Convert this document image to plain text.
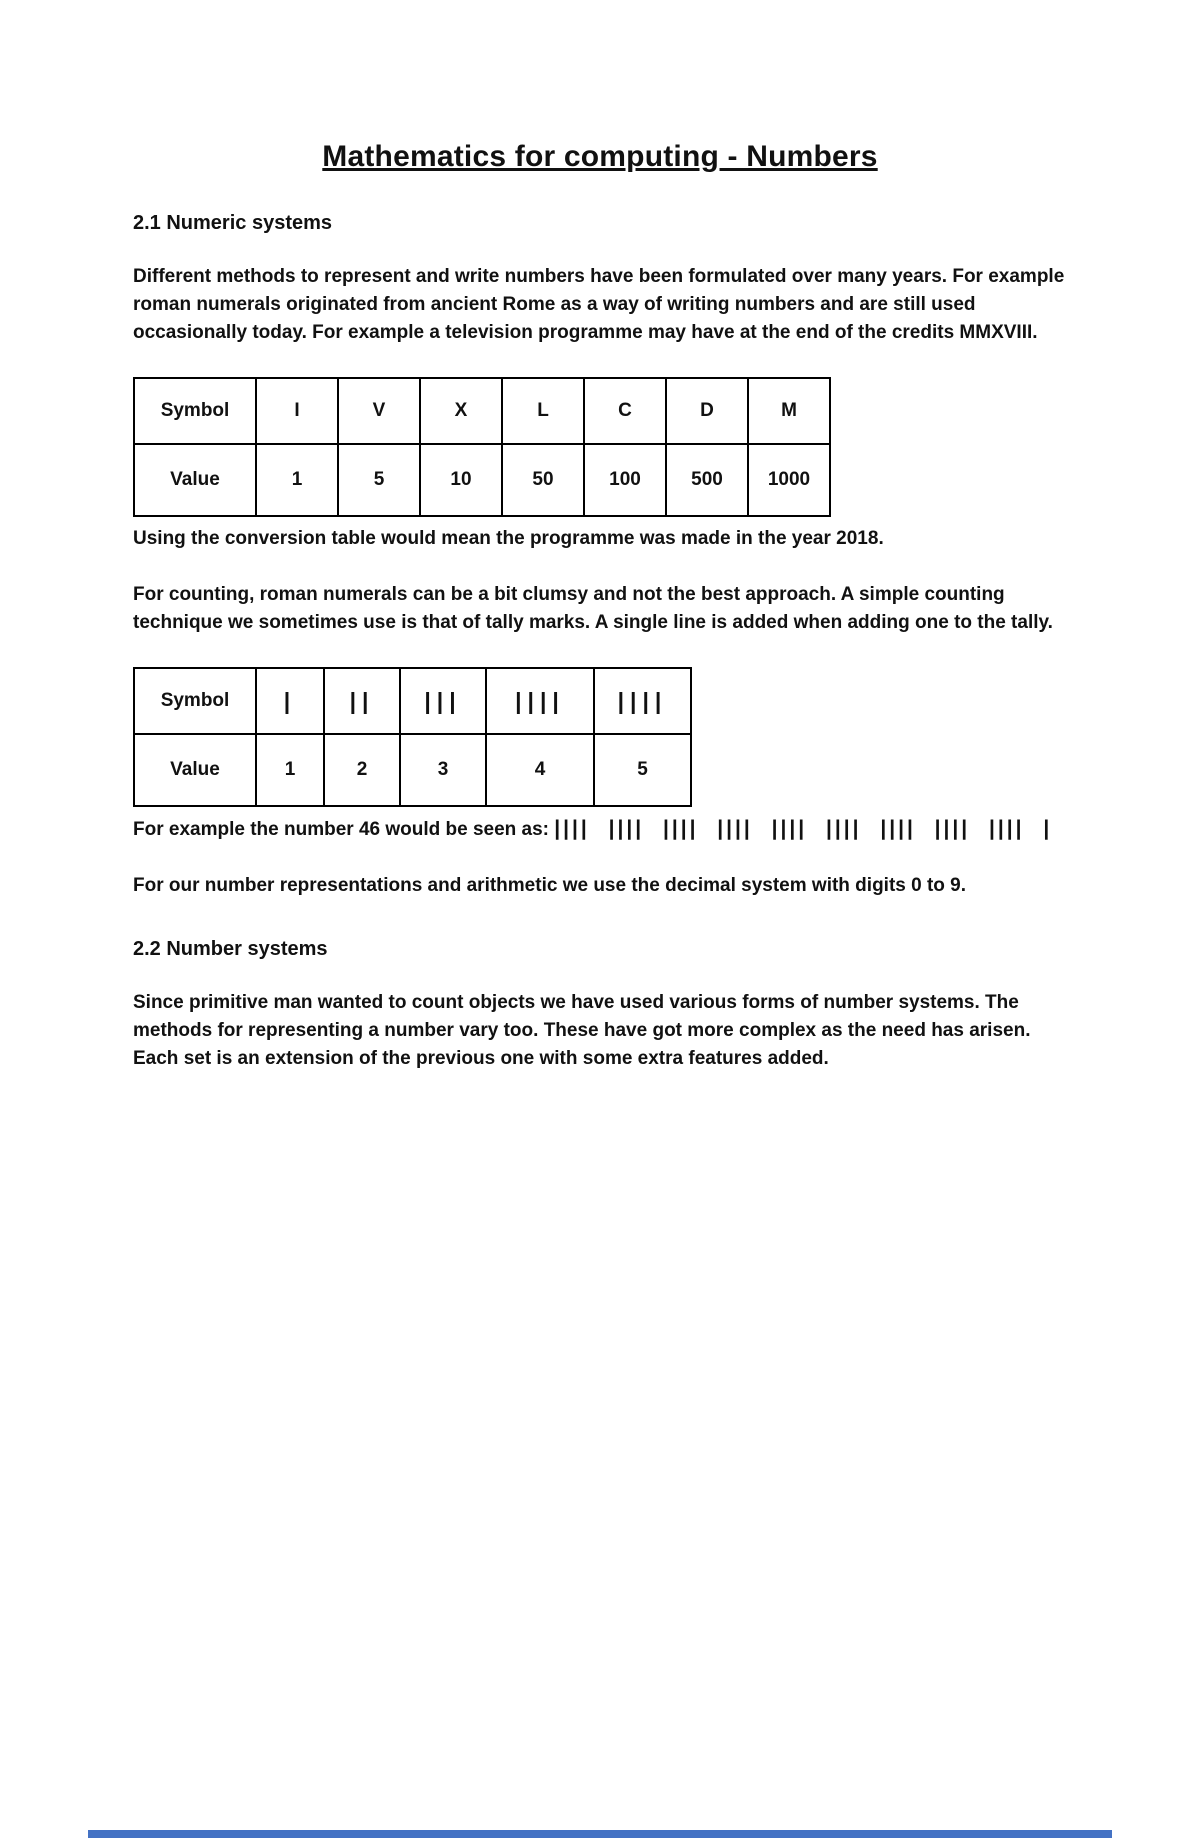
Mathematics for computing - Numbers
2.1 Numeric systems

Different methods to represent and write numbers have been formulated over many years. For example roman numerals originated from ancient Rome as a way of writing numbers and are still used occasionally today. For example a television programme may have at the end of the credits MMXVIII.

Symbol	I	V	X	L	C	D	M
Value	1	5	10	50	100	500	1000

Using the conversion table would mean the programme was made in the year 2018.

For counting, roman numerals can be a bit clumsy and not the best approach. A simple counting technique we sometimes use is that of tally marks. A single line is added when adding one to the tally.

Symbol	|	||	|||	||||	||||
Value	1	2	3	4	5

For example the number 46 would be seen as: |||| |||| |||| |||| |||| |||| |||| |||| |||| |

For our number representations and arithmetic we use the decimal system with digits 0 to 9.

2.2 Number systems

Since primitive man wanted to count objects we have used various forms of number systems. The methods for representing a number vary too. These have got more complex as the need has arisen. Each set is an extension of the previous one with some extra features added.
